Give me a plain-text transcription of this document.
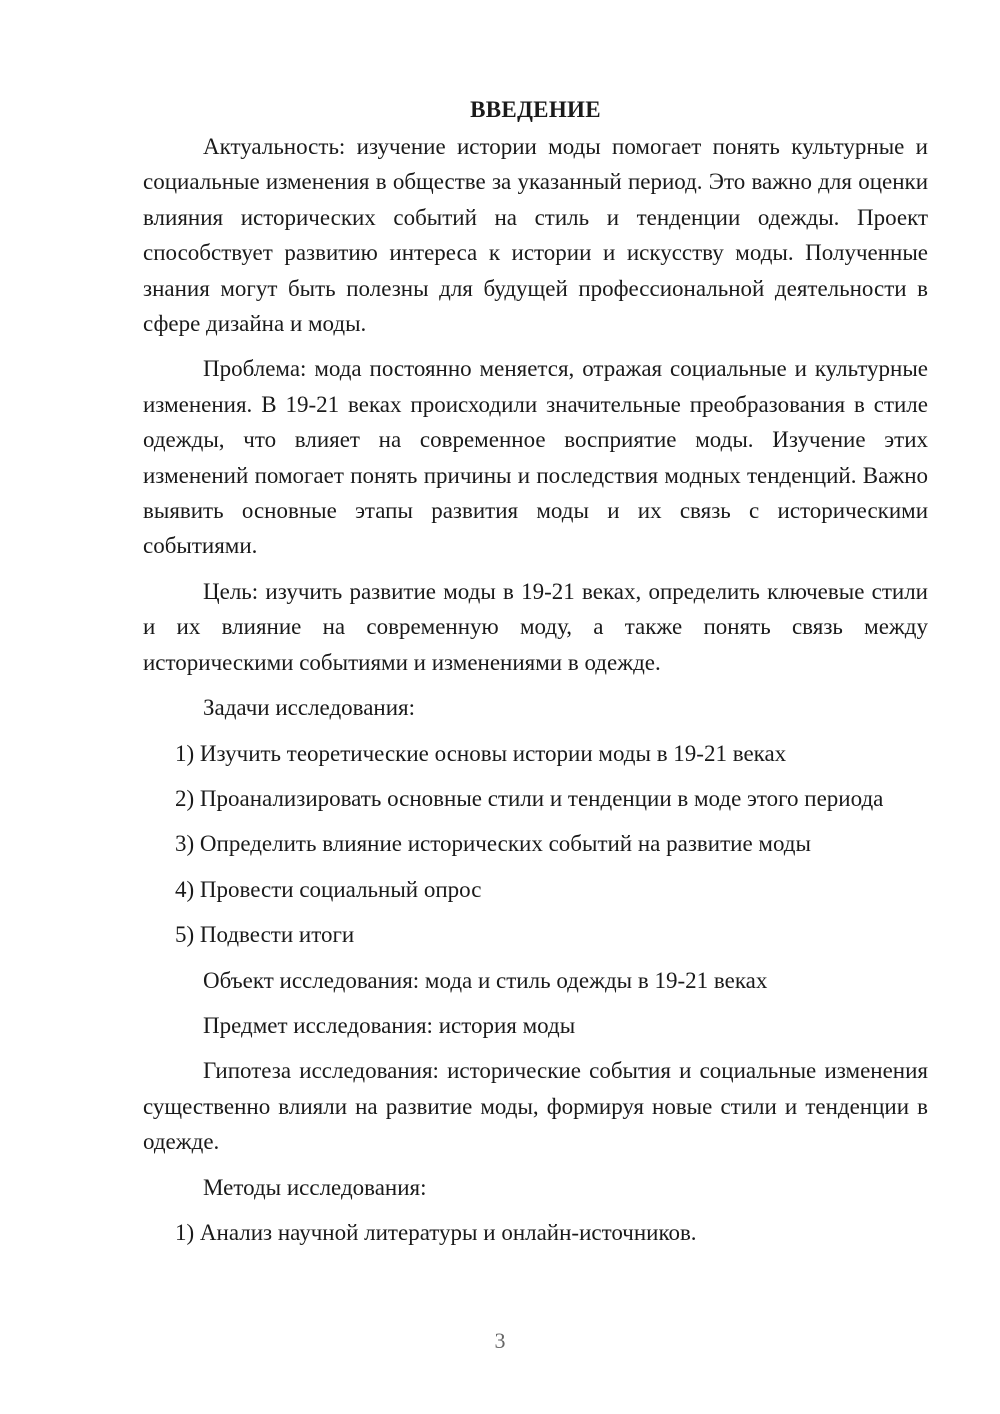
ВВЕДЕНИЕ

Актуальность: изучение истории моды помогает понять культурные и социальные изменения в обществе за указанный период. Это важно для оценки влияния исторических событий на стиль и тенденции одежды. Проект способствует развитию интереса к истории и искусству моды. Полученные знания могут быть полезны для будущей профессиональной деятельности в сфере дизайна и моды.

Проблема: мода постоянно меняется, отражая социальные и культурные изменения. В 19-21 веках происходили значительные преобразования в стиле одежды, что влияет на современное восприятие моды. Изучение этих изменений помогает понять причины и последствия модных тенденций. Важно выявить основные этапы развития моды и их связь с историческими событиями.

Цель: изучить развитие моды в 19-21 веках, определить ключевые стили и их влияние на современную моду, а также понять связь между историческими событиями и изменениями в одежде.

Задачи исследования:

1) Изучить теоретические основы истории моды в 19-21 веках

2) Проанализировать основные стили и тенденции в моде этого периода

3) Определить влияние исторических событий на развитие моды

4) Провести социальный опрос

5) Подвести итоги

Объект исследования: мода и стиль одежды в 19-21 веках

Предмет исследования: история моды

Гипотеза исследования: исторические события и социальные изменения существенно влияли на развитие моды, формируя новые стили и тенденции в одежде.

Методы исследования:

1) Анализ научной литературы и онлайн-источников.

3
